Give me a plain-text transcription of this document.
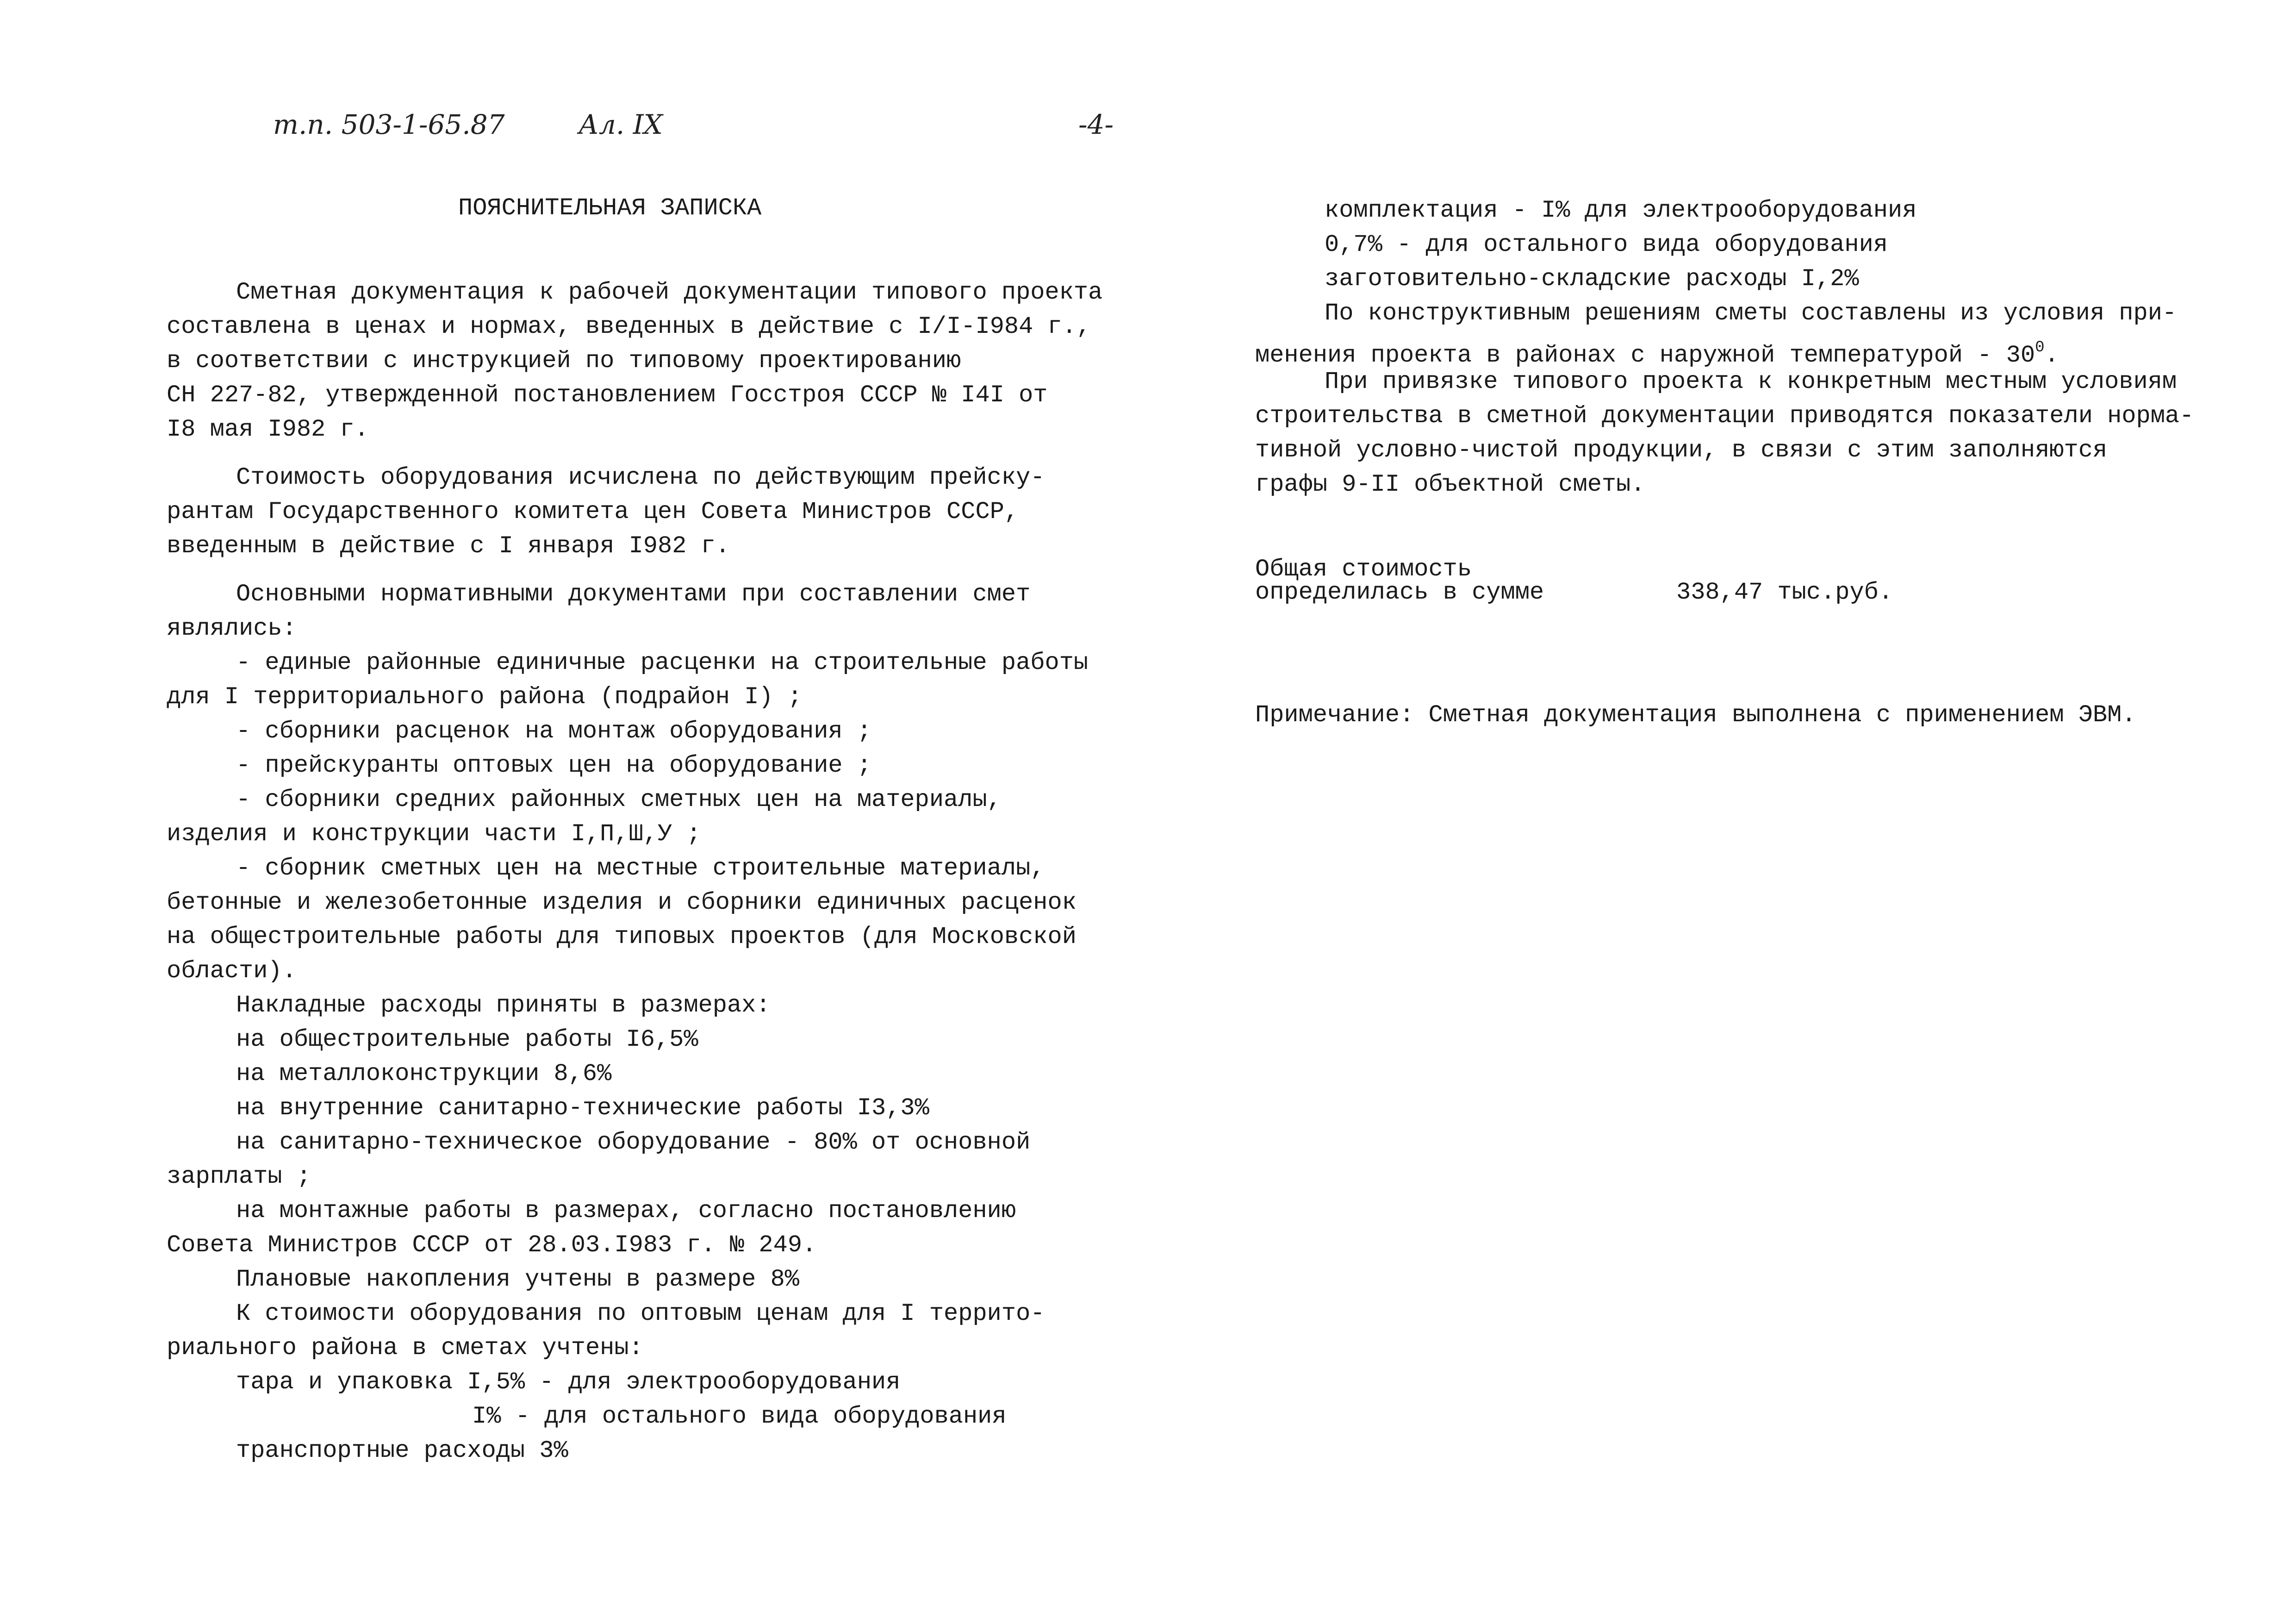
т.п. 503-1-65.87	Ал. IX	-4-
ПОЯСНИТЕЛЬНАЯ ЗАПИСКА
Сметная документация к рабочей документации типового проекта
составлена в ценах и нормах, введенных в действие с I/I-I984 г.,
в соответствии с инструкцией по типовому проектированию
СН 227-82, утвержденной постановлением Госстроя СССР № I4I от
I8 мая I982 г.
Стоимость оборудования исчислена по действующим прейску-
рантам Государственного комитета цен Совета Министров СССР,
введенным в действие с I января I982 г.
Основными нормативными документами при составлении смет
являлись:
- единые районные единичные расценки на строительные работы
для I территориального района (подрайон I) ;
- сборники расценок на монтаж оборудования ;
- прейскуранты оптовых цен на оборудование ;
- сборники средних районных сметных цен на материалы,
изделия и конструкции части I,П,Ш,У ;
- сборник сметных цен на местные строительные материалы,
бетонные и железобетонные изделия и сборники единичных расценок
на общестроительные работы для типовых проектов (для Московской
области).
Накладные расходы приняты в размерах:
на общестроительные работы I6,5%
на металлоконструкции 8,6%
на внутренние санитарно-технические работы I3,3%
на санитарно-техническое оборудование - 80% от основной
зарплаты ;
на монтажные работы в размерах, согласно постановлению
Совета Министров СССР от 28.03.I983 г. № 249.
Плановые накопления учтены в размере 8%
К стоимости оборудования по оптовым ценам для I террито-
риального района в сметах учтены:
тара и упаковка I,5% - для электрооборудования
I% - для остального вида оборудования
транспортные расходы 3%
комплектация - I% для электрооборудования
0,7% - для остального вида оборудования
заготовительно-складские расходы I,2%
По конструктивным решениям сметы составлены из условия при-
менения проекта в районах с наружной температурой - $30^0$.
При привязке типового проекта к конкретным местным условиям
строительства в сметной документации приводятся показатели норма-
тивной условно-чистой продукции, в связи с этим заполняются
графы 9-II объектной сметы.
Общая стоимость
определилась в сумме	338,47 тыс.руб.
Примечание: Сметная документация выполнена с применением ЭВМ.
